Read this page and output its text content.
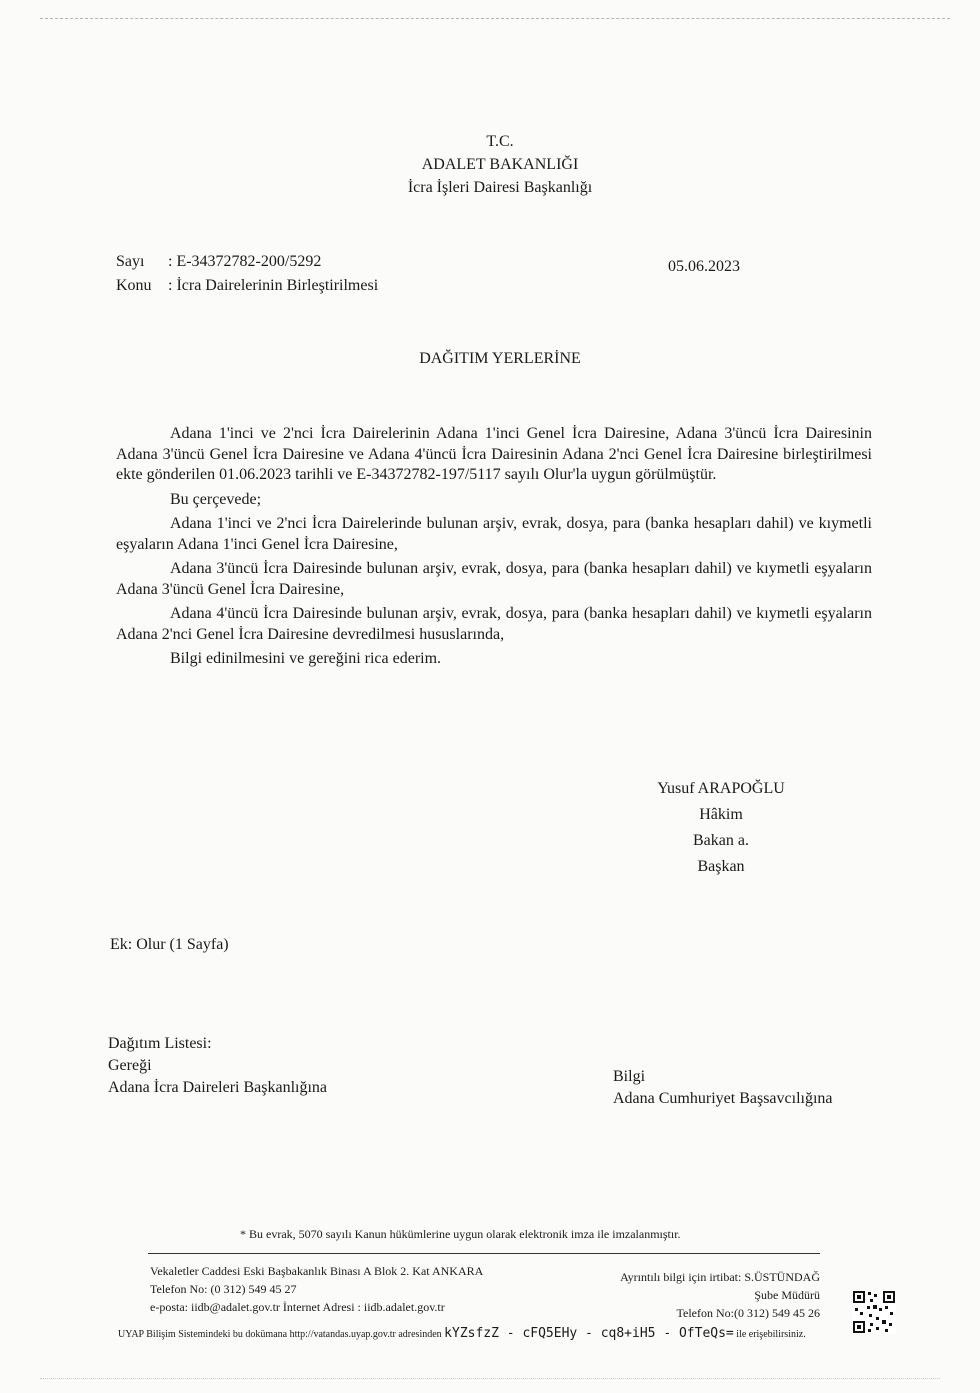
T.C.
ADALET BAKANLIĞI
İcra İşleri Dairesi Başkanlığı
Sayı : E-34372782-200/5292
Konu : İcra Dairelerinin Birleştirilmesi
05.06.2023
DAĞITIM YERLERİNE

Adana 1'inci ve 2'nci İcra Dairelerinin Adana 1'inci Genel İcra Dairesine, Adana 3'üncü İcra Dairesinin Adana 3'üncü Genel İcra Dairesine ve Adana 4'üncü İcra Dairesinin Adana 2'nci Genel İcra Dairesine birleştirilmesi ekte gönderilen 01.06.2023 tarihli ve E-34372782-197/5117 sayılı Olur'la uygun görülmüştür.

Bu çerçevede;

Adana 1'inci ve 2'nci İcra Dairelerinde bulunan arşiv, evrak, dosya, para (banka hesapları dahil) ve kıymetli eşyaların Adana 1'inci Genel İcra Dairesine,

Adana 3'üncü İcra Dairesinde bulunan arşiv, evrak, dosya, para (banka hesapları dahil) ve kıymetli eşyaların Adana 3'üncü Genel İcra Dairesine,

Adana 4'üncü İcra Dairesinde bulunan arşiv, evrak, dosya, para (banka hesapları dahil) ve kıymetli eşyaların Adana 2'nci Genel İcra Dairesine devredilmesi hususlarında,

Bilgi edinilmesini ve gereğini rica ederim.

Yusuf ARAPOĞLU
Hâkim
Bakan a.
Başkan
Ek: Olur (1 Sayfa)
Dağıtım Listesi:
Gereği
Adana İcra Daireleri Başkanlığına
Bilgi
Adana Cumhuriyet Başsavcılığına
* Bu evrak, 5070 sayılı Kanun hükümlerine uygun olarak elektronik imza ile imzalanmıştır.
Vekaletler Caddesi Eski Başbakanlık Binası A Blok 2. Kat ANKARA
Telefon No: (0 312) 549 45 27
e-posta: iidb@adalet.gov.tr İnternet Adresi : iidb.adalet.gov.tr
Ayrıntılı bilgi için irtibat: S.ÜSTÜNDAĞ
Şube Müdürü
Telefon No:(0 312) 549 45 26
UYAP Bilişim Sistemindeki bu dokümana http://vatandas.uyap.gov.tr adresinden kYZsfzZ - cFQ5EHy - cq8+iH5 - OfTeQs= ile erişebilirsiniz.
